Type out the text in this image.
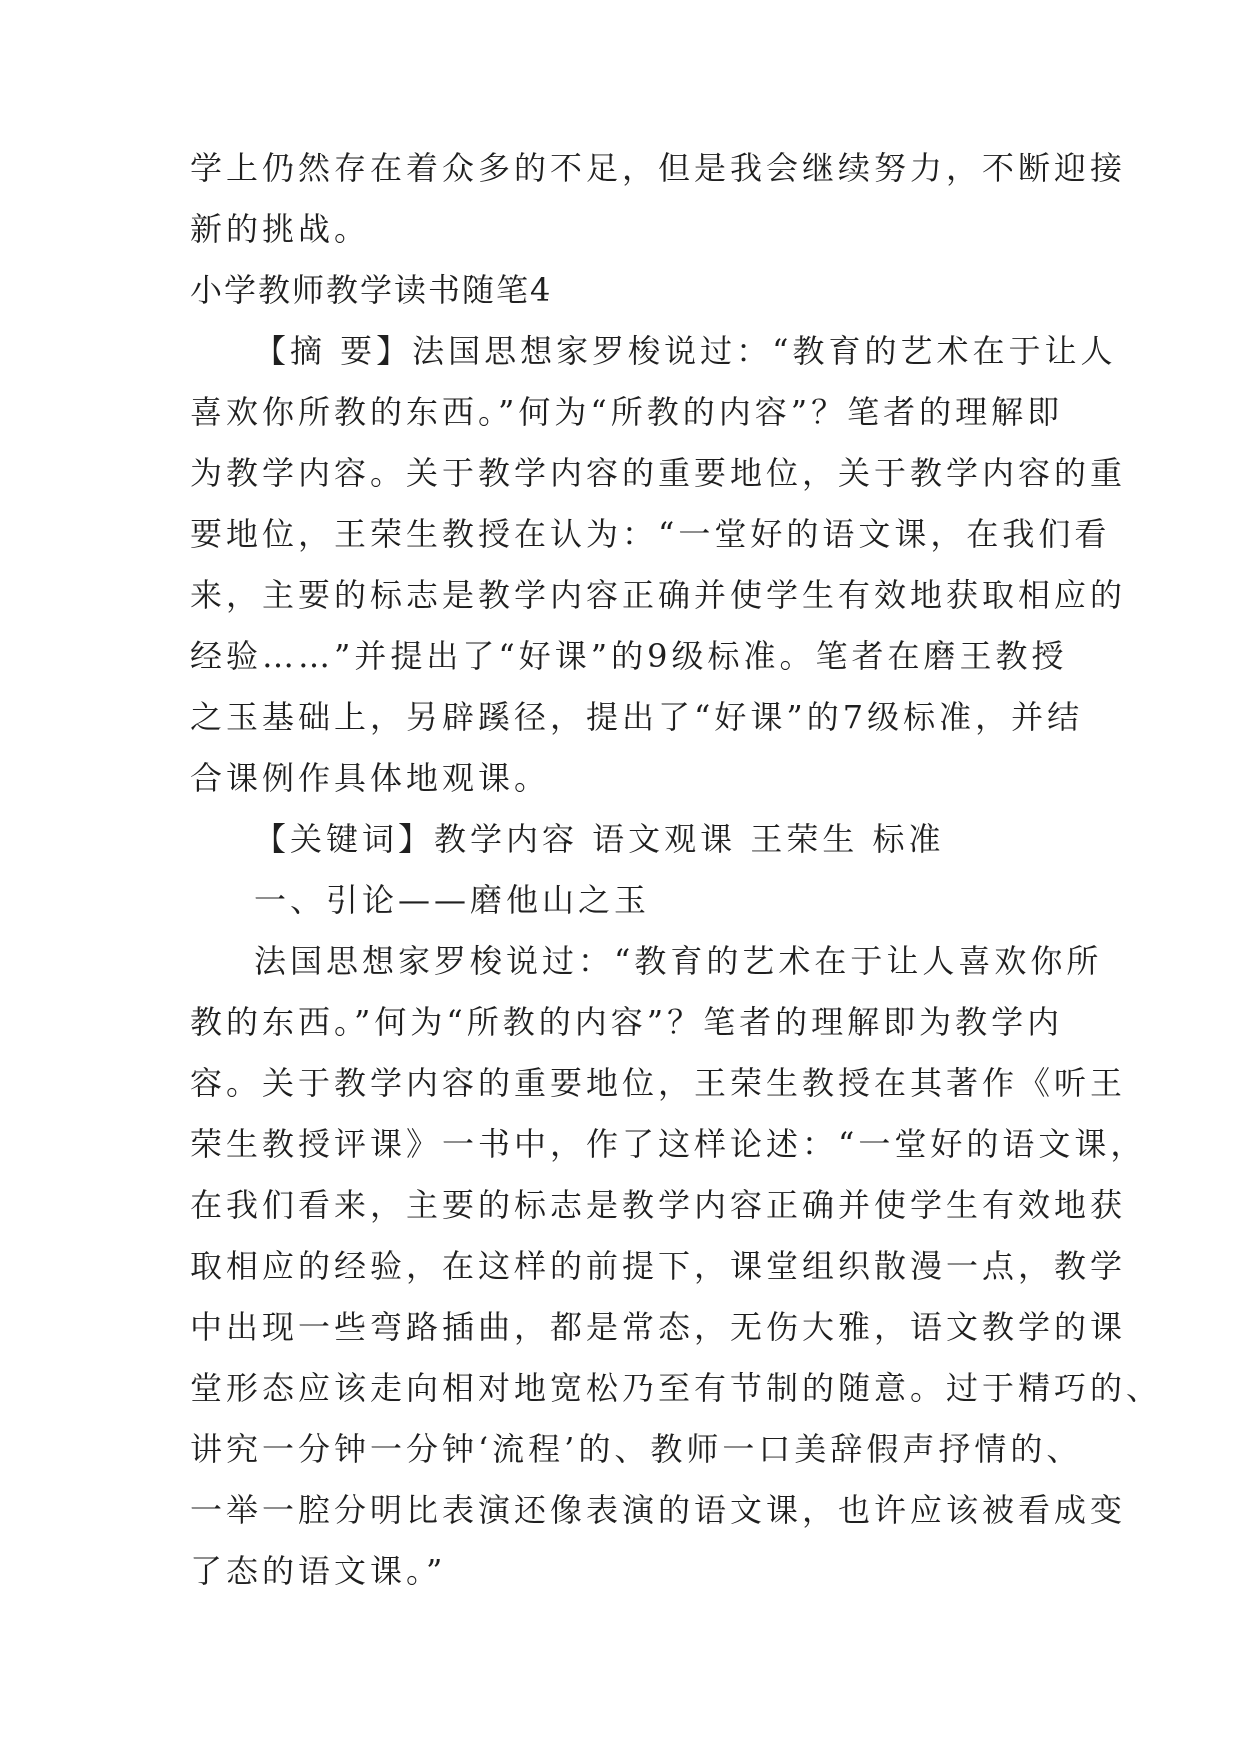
学上仍然存在着众多的不足，但是我会继续努力，不断迎接
新的挑战。
小学教师教学读书随笔4
【摘 要】法国思想家罗梭说过：“教育的艺术在于让人
喜欢你所教的东西。”何为“所教的内容”？笔者的理解即
为教学内容。关于教学内容的重要地位，关于教学内容的重
要地位，王荣生教授在认为：“一堂好的语文课，在我们看
来，主要的标志是教学内容正确并使学生有效地获取相应的
经验……”并提出了“好课”的9级标准。笔者在磨王教授
之玉基础上，另辟蹊径，提出了“好课”的7级标准，并结
合课例作具体地观课。
【关键词】教学内容 语文观课 王荣生 标准
一、引论——磨他山之玉
法国思想家罗梭说过：“教育的艺术在于让人喜欢你所
教的东西。”何为“所教的内容”？笔者的理解即为教学内
容。关于教学内容的重要地位，王荣生教授在其著作《听王
荣生教授评课》一书中，作了这样论述：“一堂好的语文课，
在我们看来，主要的标志是教学内容正确并使学生有效地获
取相应的经验，在这样的前提下，课堂组织散漫一点，教学
中出现一些弯路插曲，都是常态，无伤大雅，语文教学的课
堂形态应该走向相对地宽松乃至有节制的随意。过于精巧的、
讲究一分钟一分钟‘流程’的、教师一口美辞假声抒情的、
一举一腔分明比表演还像表演的语文课，也许应该被看成变
了态的语文课。”
